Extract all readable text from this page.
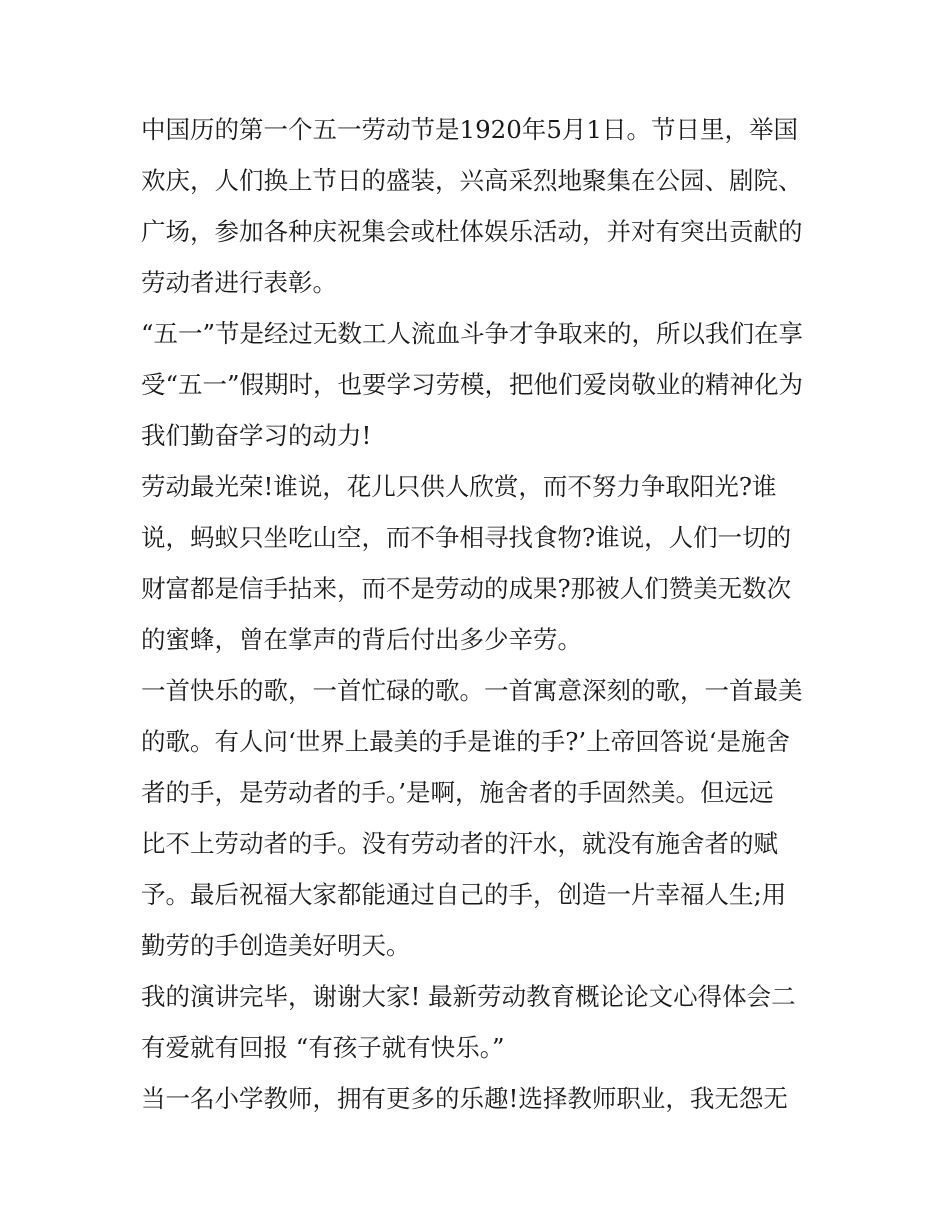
中国历的第一个五一劳动节是1920年5月1日。节日里，举国
欢庆，人们换上节日的盛装，兴高采烈地聚集在公园、剧院、
广场，参加各种庆祝集会或杜体娱乐活动，并对有突出贡献的
劳动者进行表彰。
“五一”节是经过无数工人流血斗争才争取来的，所以我们在享
受“五一”假期时，也要学习劳模，把他们爱岗敬业的精神化为
我们勤奋学习的动力!
劳动最光荣!谁说，花儿只供人欣赏，而不努力争取阳光?谁
说，蚂蚁只坐吃山空，而不争相寻找食物?谁说，人们一切的
财富都是信手拈来，而不是劳动的成果?那被人们赞美无数次
的蜜蜂，曾在掌声的背后付出多少辛劳。
一首快乐的歌，一首忙碌的歌。一首寓意深刻的歌，一首最美
的歌。有人问‘世界上最美的手是谁的手?’上帝回答说‘是施舍
者的手，是劳动者的手。’是啊，施舍者的手固然美。但远远
比不上劳动者的手。没有劳动者的汗水，就没有施舍者的赋
予。最后祝福大家都能通过自己的手，创造一片幸福人生;用
勤劳的手创造美好明天。
我的演讲完毕，谢谢大家! 最新劳动教育概论论文心得体会二
有爱就有回报 “有孩子就有快乐。”
当一名小学教师，拥有更多的乐趣!选择教师职业，我无怨无
